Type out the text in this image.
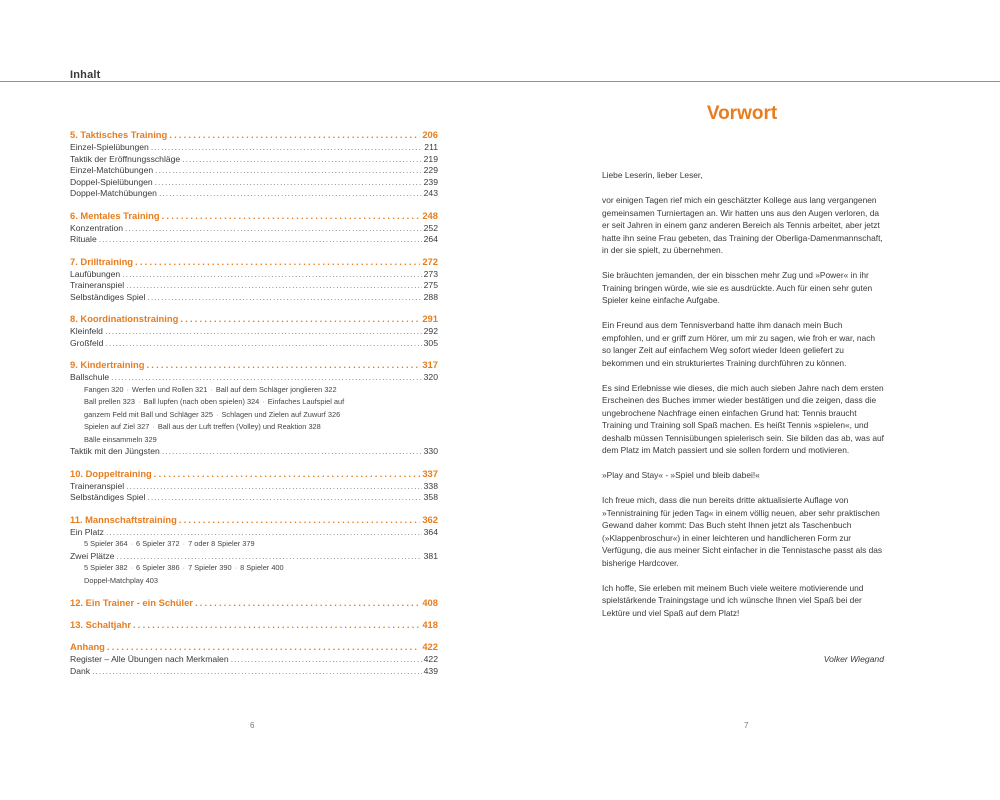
Inhalt
5. Taktisches Training .....	206
Einzel-Spielübungen .....	211
Taktik der Eröffnungsschläge .....	219
Einzel-Matchübungen .....	229
Doppel-Spielübungen .....	239
Doppel-Matchübungen .....	243
6. Mentales Training .....	248
Konzentration .....	252
Rituale .....	264
7. Drilltraining .....	272
Laufübungen .....	273
Traineranspiel .....	275
Selbständiges Spiel .....	288
8. Koordinationstraining .....	291
Kleinfeld .....	292
Großfeld .....	305
9. Kindertraining .....	317
Ballschule .....	320
Fangen 320 · Werfen und Rollen 321 · Ball auf dem Schläger jonglieren 322
Ball prellen 323 · Ball lupfen (nach oben spielen) 324 · Einfaches Laufspiel auf
ganzem Feld mit Ball und Schläger 325 · Schlagen und Zielen auf Zuwurf 326
Spielen auf Ziel 327 · Ball aus der Luft treffen (Volley) und Reaktion 328
Bälle einsammeln 329
Taktik mit den Jüngsten .....	330
10. Doppeltraining .....	337
Traineranspiel .....	338
Selbständiges Spiel .....	358
11. Mannschaftstraining .....	362
Ein Platz .....	364
5 Spieler 364 · 6 Spieler 372 · 7 oder 8 Spieler 379
Zwei Plätze .....	381
5 Spieler 382 · 6 Spieler 386 · 7 Spieler 390 · 8 Spieler 400
Doppel-Matchplay 403
12. Ein Trainer - ein Schüler .....	408
13. Schaltjahr .....	418
Anhang .....	422
Register – Alle Übungen nach Merkmalen .....	422
Dank .....	439
Vorwort

Liebe Leserin, lieber Leser,

vor einigen Tagen rief mich ein geschätzter Kollege aus lang vergangenen gemeinsamen Turniertagen an. Wir hatten uns aus den Augen verloren, da er seit Jahren in einem ganz anderen Bereich als Tennis arbeitet, aber jetzt hatte ihn seine Frau gebeten, das Training der Oberliga-Damenmannschaft, in der sie spielt, zu übernehmen.

Sie bräuchten jemanden, der ein bisschen mehr Zug und »Power« in ihr Training bringen würde, wie sie es ausdrückte. Auch für einen sehr guten Spieler keine einfache Aufgabe.

Ein Freund aus dem Tennisverband hatte ihm danach mein Buch empfohlen, und er griff zum Hörer, um mir zu sagen, wie froh er war, nach so langer Zeit auf einfachem Weg sofort wieder Ideen geliefert zu bekommen und ein strukturiertes Training durchführen zu können.

Es sind Erlebnisse wie dieses, die mich auch sieben Jahre nach dem ersten Erscheinen des Buches immer wieder bestätigen und die zeigen, dass die ungebrochene Nachfrage einen einfachen Grund hat: Tennis braucht Training und Training soll Spaß machen. Es heißt Tennis »spielen«, und deshalb müssen Tennisübungen spielerisch sein. Sie bilden das ab, was auf dem Platz im Match passiert und sie sollen fordern und motivieren.

»Play and Stay« - »Spiel und bleib dabei!«

Ich freue mich, dass die nun bereits dritte aktualisierte Auflage von »Tennistraining für jeden Tag« in einem völlig neuen, aber sehr praktischen Gewand daher kommt: Das Buch steht Ihnen jetzt als Taschenbuch (»Klappenbroschur«) in einer leichteren und handlicheren Form zur Verfügung, die aus meiner Sicht einfacher in die Tennistasche passt als das bisherige Hardcover.

Ich hoffe, Sie erleben mit meinem Buch viele weitere motivierende und spielstärkende Trainingstage und ich wünsche Ihnen viel Spaß bei der Lektüre und viel Spaß auf dem Platz!

Volker Wiegand
6	7
